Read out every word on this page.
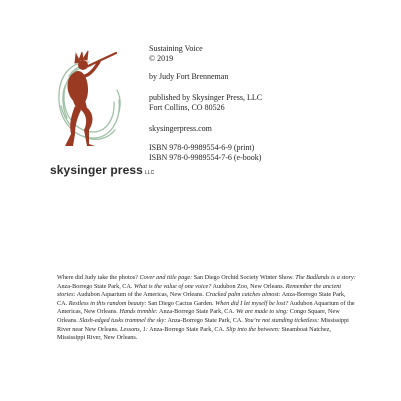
skysinger press LLC
Sustaining Voice
© 2019
by Judy Fort Brenneman
published by Skysinger Press, LLC
Fort Collins, CO 80526
skysingerpress.com
ISBN 978-0-9989554-6-9 (print)
ISBN 978-0-9989554-7-6 (e-book)
Where did Judy take the photos? Cover and title page: San Diego Orchid Society Winter Show. The Badlands is a story: Anza-Borrego State Park, CA. What is the value of one voice? Audubon Zoo, New Orleans. Remember the ancient stories: Audubon Aquarium of the Americas, New Orleans. Cracked palm catches almost: Anza-Borrego State Park, CA. Restless in this random beauty: San Diego Cactus Garden. When did I let myself be lost? Audubon Aquarium of the Americas, New Orleans. Hands tremble: Anza-Borrego State Park, CA. We are made to sing: Congo Square, New Orleans. Slash-edged tusks trammel the sky: Anza-Borrego State Park, CA. You’re not standing ticketless: Mississippi River near New Orleans. Lessons, 1: Anza-Borrego State Park, CA. Slip into the between: Steamboat Natchez, Mississippi River, New Orleans.
